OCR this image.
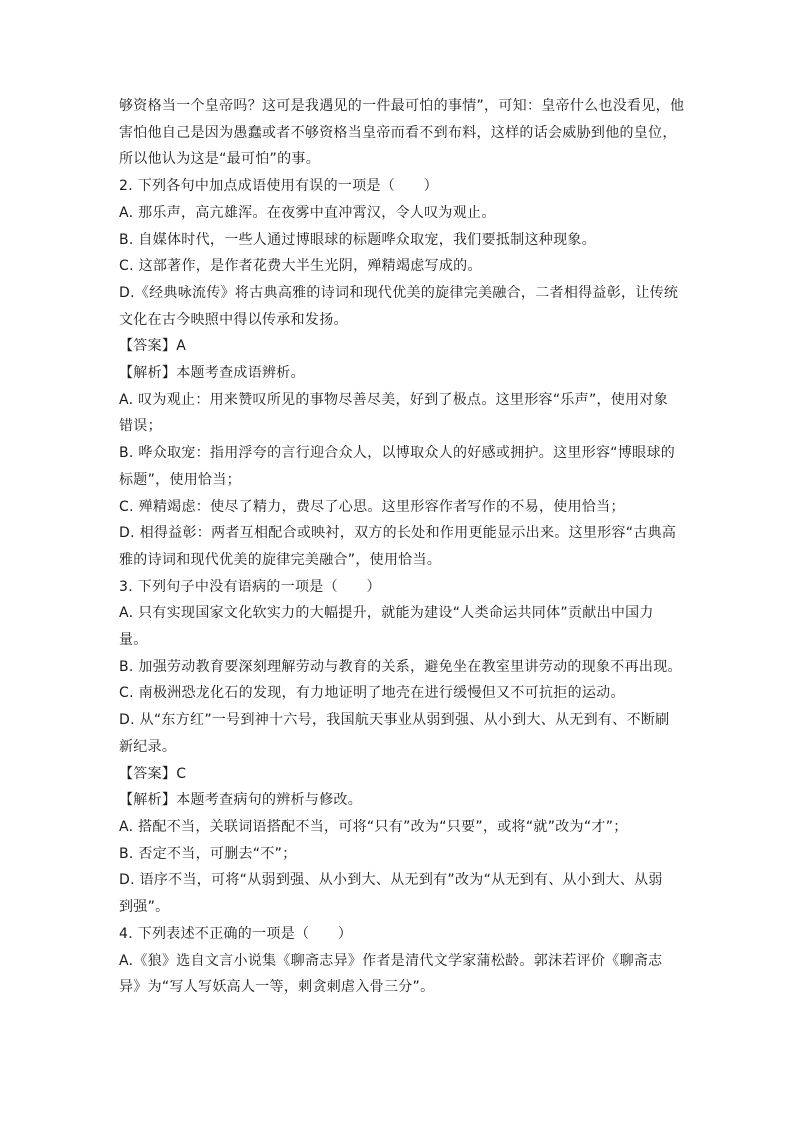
够资格当一个皇帝吗？这可是我遇见的一件最可怕的事情”，可知：皇帝什么也没看见，他
害怕他自己是因为愚蠢或者不够资格当皇帝而看不到布料，这样的话会威胁到他的皇位，
所以他认为这是“最可怕”的事。
2. 下列各句中加点成语使用有误的一项是（　　）
A. 那乐声，高亢雄浑。在夜雾中直冲霄汉，令人叹为观止。
B. 自媒体时代，一些人通过博眼球的标题哗众取宠，我们要抵制这种现象。
C. 这部著作，是作者花费大半生光阴，殚精竭虑写成的。
D.《经典咏流传》将古典高雅的诗词和现代优美的旋律完美融合，二者相得益彰，让传统
文化在古今映照中得以传承和发扬。
【答案】A
【解析】本题考查成语辨析。
A. 叹为观止：用来赞叹所见的事物尽善尽美，好到了极点。这里形容“乐声”，使用对象
错误；
B. 哗众取宠：指用浮夸的言行迎合众人，以博取众人的好感或拥护。这里形容“博眼球的
标题”，使用恰当；
C. 殚精竭虑：使尽了精力，费尽了心思。这里形容作者写作的不易，使用恰当；
D. 相得益彰：两者互相配合或映衬，双方的长处和作用更能显示出来。这里形容“古典高
雅的诗词和现代优美的旋律完美融合”，使用恰当。
3. 下列句子中没有语病的一项是（　　）
A. 只有实现国家文化软实力的大幅提升，就能为建设“人类命运共同体”贡献出中国力
量。
B. 加强劳动教育要深刻理解劳动与教育的关系，避免坐在教室里讲劳动的现象不再出现。
C. 南极洲恐龙化石的发现，有力地证明了地壳在进行缓慢但又不可抗拒的运动。
D. 从“东方红”一号到神十六号，我国航天事业从弱到强、从小到大、从无到有、不断刷
新纪录。
【答案】C
【解析】本题考查病句的辨析与修改。
A. 搭配不当，关联词语搭配不当，可将“只有”改为“只要”，或将“就”改为“才”；
B. 否定不当，可删去“不”；
D. 语序不当，可将“从弱到强、从小到大、从无到有”改为“从无到有、从小到大、从弱
到强”。
4. 下列表述不正确的一项是（　　）
A.《狼》选自文言小说集《聊斋志异》作者是清代文学家蒲松龄。郭沫若评价《聊斋志
异》为“写人写妖高人一等，刺贪刺虐入骨三分”。
